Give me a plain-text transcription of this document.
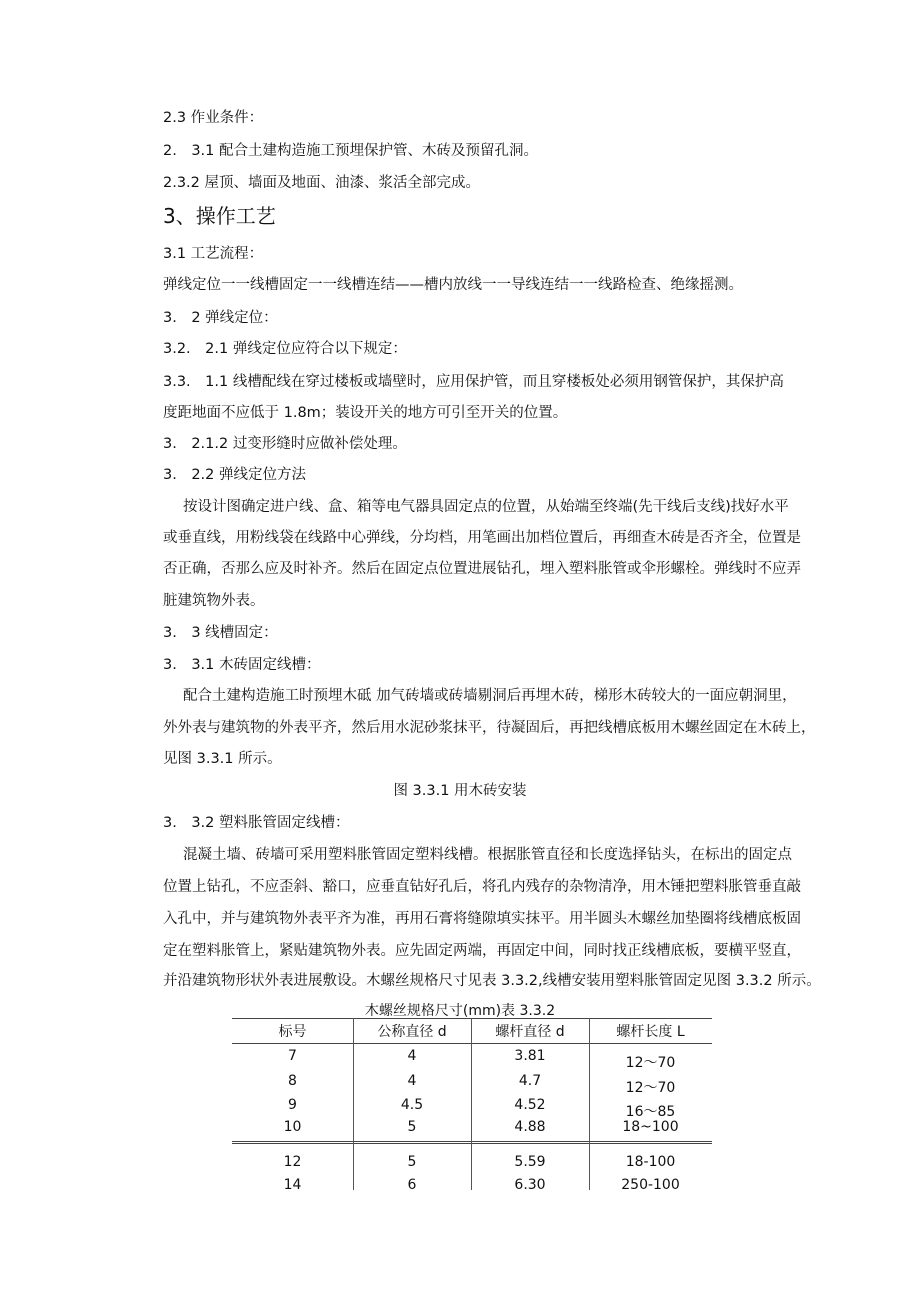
2.3 作业条件：
2.　3.1 配合土建构造施工预埋保护管、木砖及预留孔洞。
2.3.2 屋顶、墙面及地面、油漆、浆活全部完成。
3、操作工艺
3.1 工艺流程：
弹线定位一一线槽固定一一线槽连结——槽内放线一一导线连结一一线路检查、绝缘摇测。
3.　2 弹线定位：
3.2.　2.1 弹线定位应符合以下规定：
3.3.　1.1 线槽配线在穿过楼板或墙壁时，应用保护管，而且穿楼板处必须用钢管保护，其保护高
度距地面不应低于 1.8m；装设开关的地方可引至开关的位置。
3.　2.1.2 过变形缝时应做补偿处理。
3.　2.2 弹线定位方法
按设计图确定进户线、盒、箱等电气器具固定点的位置，从始端至终端(先干线后支线)找好水平
或垂直线，用粉线袋在线路中心弹线，分均档，用笔画出加档位置后，再细查木砖是否齐全，位置是
否正确，否那么应及时补齐。然后在固定点位置进展钻孔，埋入塑料胀管或伞形螺栓。弹线时不应弄
脏建筑物外表。
3.　3 线槽固定：
3.　3.1 木砖固定线槽：
配合土建构造施工时预埋木砥 加气砖墙或砖墙剔洞后再埋木砖，梯形木砖较大的一面应朝洞里，
外外表与建筑物的外表平齐，然后用水泥砂浆抹平，待凝固后，再把线槽底板用木螺丝固定在木砖上，
见图 3.3.1 所示。
图 3.3.1 用木砖安装
3.　3.2 塑料胀管固定线槽：
混凝土墙、砖墙可采用塑料胀管固定塑料线槽。根据胀管直径和长度选择钻头，在标出的固定点
位置上钻孔，不应歪斜、豁口，应垂直钻好孔后，将孔内残存的杂物清净，用木锤把塑料胀管垂直敲
入孔中，并与建筑物外表平齐为准，再用石膏将缝隙填实抹平。用半圆头木螺丝加垫圈将线槽底板固
定在塑料胀管上，紧贴建筑物外表。应先固定两端，再固定中间，同时找正线槽底板，要横平竖直，
并沿建筑物形状外表进展敷设。木螺丝规格尺寸见表 3.3.2,线槽安装用塑料胀管固定见图 3.3.2 所示。
木螺丝规格尺寸(mm)表 3.3.2
标号	公称直径 d	螺杆直径 d	螺杆长度 L
7	4	3.81	12～70
8	4	4.7	12～70
9	4.5	4.52	16～85
10	5	4.88	18~100
12	5	5.59	18-100
14	6	6.30	250-100
